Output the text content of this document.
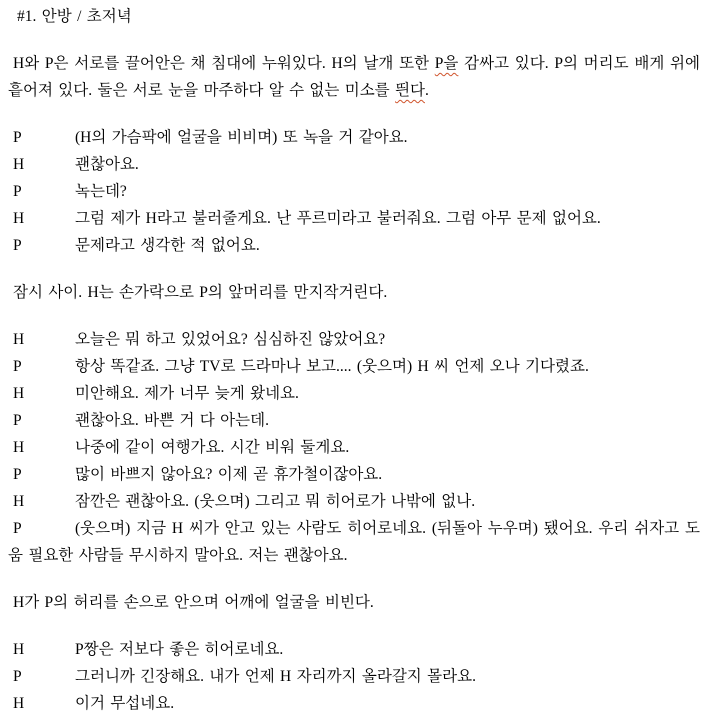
#1. 안방 / 초저녁
H와 P은 서로를 끌어안은 채 침대에 누워있다. H의 날개 또한 P을 감싸고 있다. P의 머리도 배게 위에 흩어져 있다. 둘은 서로 눈을 마주하다 알 수 없는 미소를 띈다.
P	(H의 가슴팍에 얼굴을 비비며) 또 녹을 거 같아요.
H	괜찮아요.
P	녹는데?
H	그럼 제가 H라고 불러줄게요. 난 푸르미라고 불러줘요. 그럼 아무 문제 없어요.
P	문제라고 생각한 적 없어요.
잠시 사이. H는 손가락으로 P의 앞머리를 만지작거린다.
H	오늘은 뭐 하고 있었어요? 심심하진 않았어요?
P	항상 똑같죠. 그냥 TV로 드라마나 보고.... (웃으며) H 씨 언제 오나 기다렸죠.
H	미안해요. 제가 너무 늦게 왔네요.
P	괜찮아요. 바쁜 거 다 아는데.
H	나중에 같이 여행가요. 시간 비워 둘게요.
P	많이 바쁘지 않아요? 이제 곧 휴가철이잖아요.
H	잠깐은 괜찮아요. (웃으며) 그리고 뭐 히어로가 나밖에 없나.
P	(웃으며) 지금 H 씨가 안고 있는 사람도 히어로네요. (뒤돌아 누우며) 됐어요. 우리 쉬자고 도움 필요한 사람들 무시하지 말아요. 저는 괜찮아요.
H가 P의 허리를 손으로 안으며 어깨에 얼굴을 비빈다.
H	P짱은 저보다 좋은 히어로네요.
P	그러니까 긴장해요. 내가 언제 H 자리까지 올라갈지 몰라요.
H	이거 무섭네요.
